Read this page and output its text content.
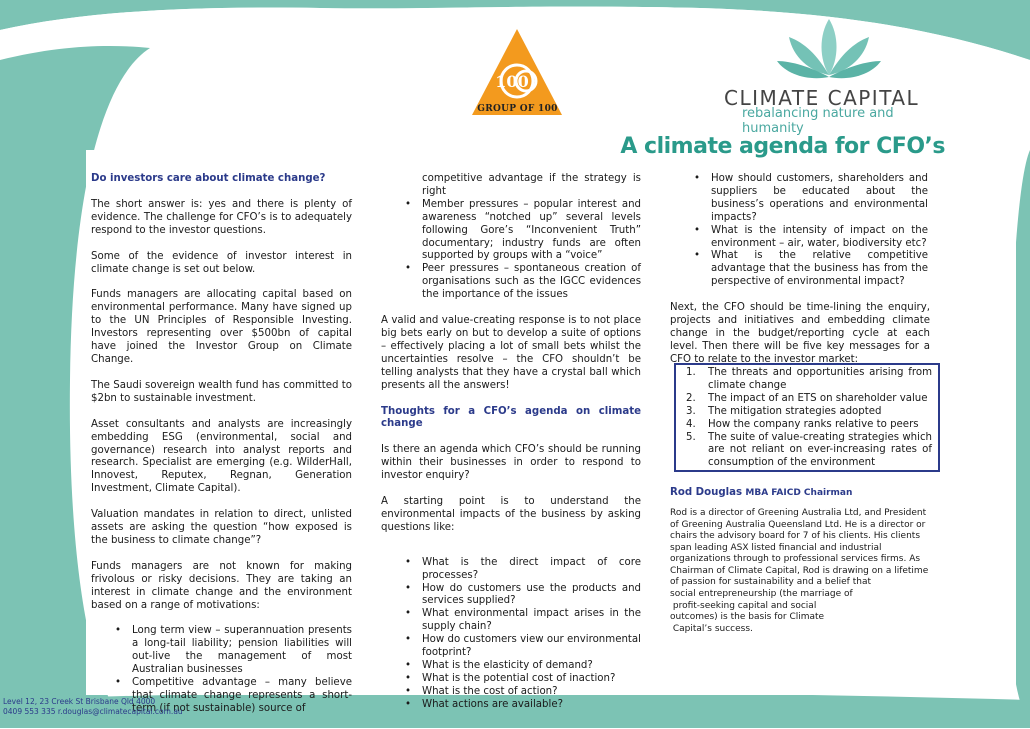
100
GROUP OF 100	CLIMATE CAPITAL
rebalancing nature and humanity
A climate agenda for CFO’s

Do investors care about climate change?

The short answer is: yes and there is plenty of evidence. The challenge for CFO’s is to adequately respond to the investor questions.

Some of the evidence of investor interest in climate change is set out below.

Funds managers are allocating capital based on environmental performance. Many have signed up to the UN Principles of Responsible Investing. Investors representing over $500bn of capital have joined the Investor Group on Climate Change.

The Saudi sovereign wealth fund has committed to $2bn to sustainable investment.

Asset consultants and analysts are increasingly embedding ESG (environmental, social and governance) research into analyst reports and research. Specialist are emerging (e.g. WilderHall, Innovest, Reputex, Regnan, Generation Investment, Climate Capital).

Valuation mandates in relation to direct, unlisted assets are asking the question “how exposed is the business to climate change”?

Funds managers are not known for making frivolous or risky decisions. They are taking an interest in climate change and the environment based on a range of motivations:

• Long term view – superannuation presents a long-tail liability; pension liabilities will out-live the management of most Australian businesses
• Competitive advantage – many believe that climate change represents a short-term (if not sustainable) source of
competitive advantage if the strategy is right
• Member pressures – popular interest and awareness “notched up” several levels following Gore’s “Inconvenient Truth” documentary; industry funds are often supported by groups with a “voice”
• Peer pressures – spontaneous creation of organisations such as the IGCC evidences the importance of the issues

A valid and value-creating response is to not place big bets early on but to develop a suite of options – effectively placing a lot of small bets whilst the uncertainties resolve – the CFO shouldn’t be telling analysts that they have a crystal ball which presents all the answers!

Thoughts for a CFO’s agenda on climate change

Is there an agenda which CFO’s should be running within their businesses in order to respond to investor enquiry?

A starting point is to understand the environmental impacts of the business by asking questions like:

• What is the direct impact of core processes?
• How do customers use the products and services supplied?
• What environmental impact arises in the supply chain?
• How do customers view our environmental footprint?
• What is the elasticity of demand?
• What is the potential cost of inaction?
• What is the cost of action?
• What actions are available?
• How should customers, shareholders and suppliers be educated about the business’s operations and environmental impacts?
• What is the intensity of impact on the environment – air, water, biodiversity etc?
• What is the relative competitive advantage that the business has from the perspective of environmental impact?

Next, the CFO should be time-lining the enquiry, projects and initiatives and embedding climate change in the budget/reporting cycle at each level. Then there will be five key messages for a CFO to relate to the investor market:

1. The threats and opportunities arising from climate change
2. The impact of an ETS on shareholder value
3. The mitigation strategies adopted
4. How the company ranks relative to peers
5. The suite of value-creating strategies which are not reliant on ever-increasing rates of consumption of the environment
Rod Douglas MBA FAICD Chairman
Rod is a director of Greening Australia Ltd, and President of Greening Australia Queensland Ltd. He is a director or chairs the advisory board for 7 of his clients. His clients span leading ASX listed financial and industrial organizations through to professional services firms. As Chairman of Climate Capital, Rod is drawing on a lifetime of passion for sustainability and a belief that
social entrepreneurship (the marriage of
profit-seeking capital and social
outcomes) is the basis for Climate
Capital’s success.
Level 12, 23 Creek St Brisbane Qld 4000
0409 553 335 r.douglas@climatecapital.com.au
